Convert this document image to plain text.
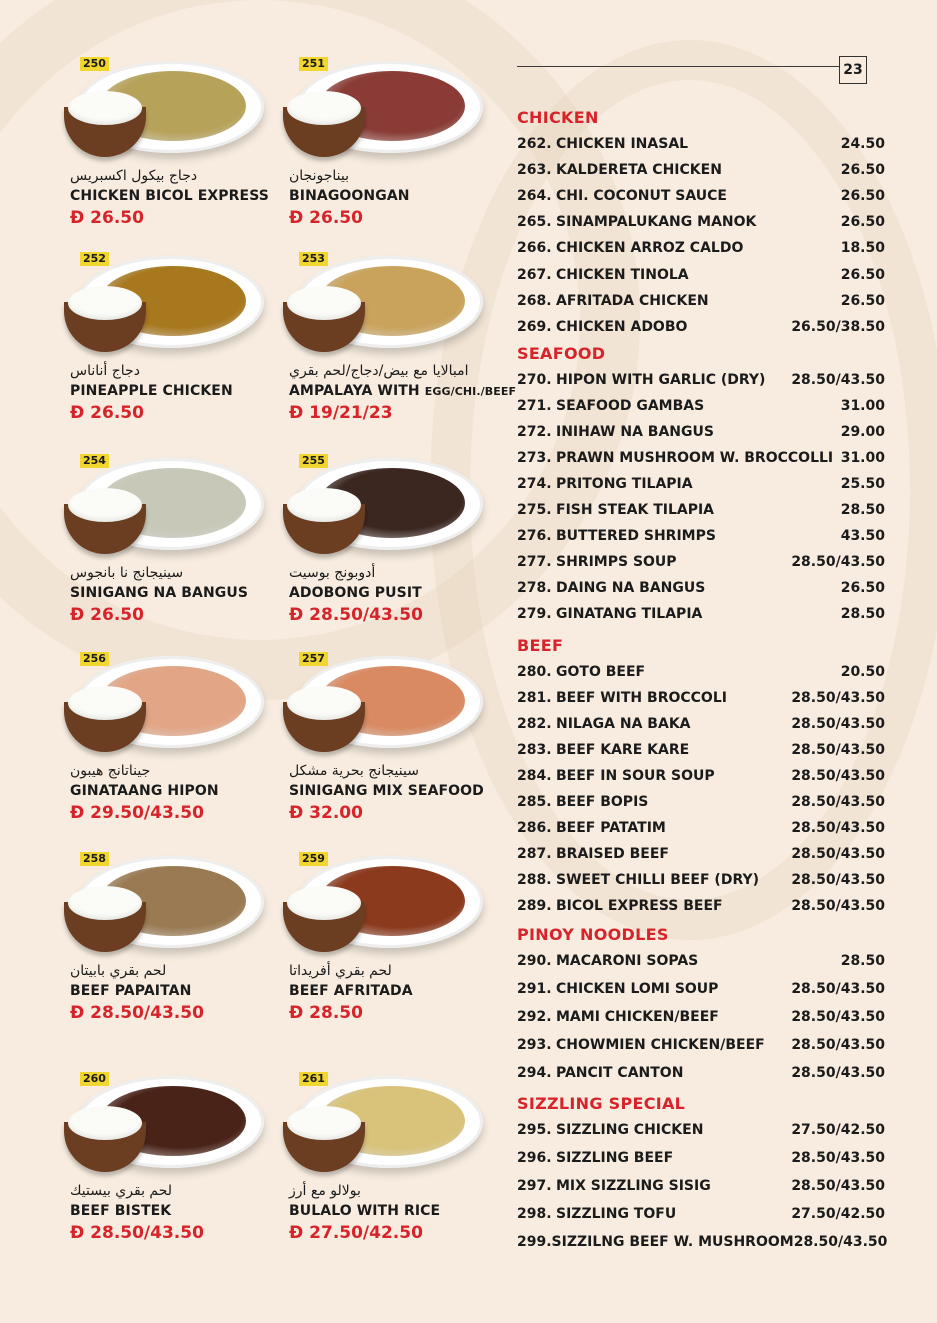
23
250
دجاج بيكول اكسبريس
CHICKEN BICOL EXPRESS
Đ 26.50
251
بيناجونجان
BINAGOONGAN
Đ 26.50
252
دجاج أناناس
PINEAPPLE CHICKEN
Đ 26.50
253
امبالايا مع بيض/دجاج/لحم بقري
AMPALAYA WITH EGG/CHI./BEEF
Đ 19/21/23
254
سينيجانج نا بانجوس
SINIGANG NA BANGUS
Đ 26.50
255
أدوبونج بوسيت
ADOBONG PUSIT
Đ 28.50/43.50
256
جيناتانج هيبون
GINATAANG HIPON
Đ 29.50/43.50
257
سينيجانج بحرية مشكل
SINIGANG MIX SEAFOOD
Đ 32.00
258
لحم بقري بابيتان
BEEF PAPAITAN
Đ 28.50/43.50
259
لحم بقري أفريداتا
BEEF AFRITADA
Đ 28.50
260
لحم بقري بيستيك
BEEF BISTEK
Đ 28.50/43.50
261
بولالو مع أرز
BULALO WITH RICE
Đ 27.50/42.50
CHICKEN
262. CHICKEN INASAL	24.50
263. KALDERETA CHICKEN	26.50
264. CHI. COCONUT SAUCE	26.50
265. SINAMPALUKANG MANOK	26.50
266. CHICKEN ARROZ CALDO	18.50
267. CHICKEN TINOLA	26.50
268. AFRITADA CHICKEN	26.50
269. CHICKEN ADOBO	26.50/38.50
SEAFOOD
270. HIPON WITH GARLIC (DRY)	28.50/43.50
271. SEAFOOD GAMBAS	31.00
272. INIHAW NA BANGUS	29.00
273. PRAWN MUSHROOM W. BROCCOLLI 31.00
274. PRITONG TILAPIA	25.50
275. FISH STEAK TILAPIA	28.50
276. BUTTERED SHRIMPS	43.50
277. SHRIMPS SOUP	28.50/43.50
278. DAING NA BANGUS	26.50
279. GINATANG TILAPIA	28.50
BEEF
280. GOTO BEEF	20.50
281. BEEF WITH BROCCOLI	28.50/43.50
282. NILAGA NA BAKA	28.50/43.50
283. BEEF KARE KARE	28.50/43.50
284. BEEF IN SOUR SOUP	28.50/43.50
285. BEEF BOPIS	28.50/43.50
286. BEEF PATATIM	28.50/43.50
287. BRAISED BEEF	28.50/43.50
288. SWEET CHILLI BEEF (DRY)	28.50/43.50
289. BICOL EXPRESS BEEF	28.50/43.50
PINOY NOODLES
290. MACARONI SOPAS	28.50
291. CHICKEN LOMI SOUP	28.50/43.50
292. MAMI CHICKEN/BEEF	28.50/43.50
293. CHOWMIEN CHICKEN/BEEF	28.50/43.50
294. PANCIT CANTON	28.50/43.50
SIZZLING SPECIAL
295. SIZZLING CHICKEN	27.50/42.50
296. SIZZLING BEEF	28.50/43.50
297. MIX SIZZLING SISIG	28.50/43.50
298. SIZZLING TOFU	27.50/42.50
299. SIZZILNG BEEF W. MUSHROOM 28.50/43.50
